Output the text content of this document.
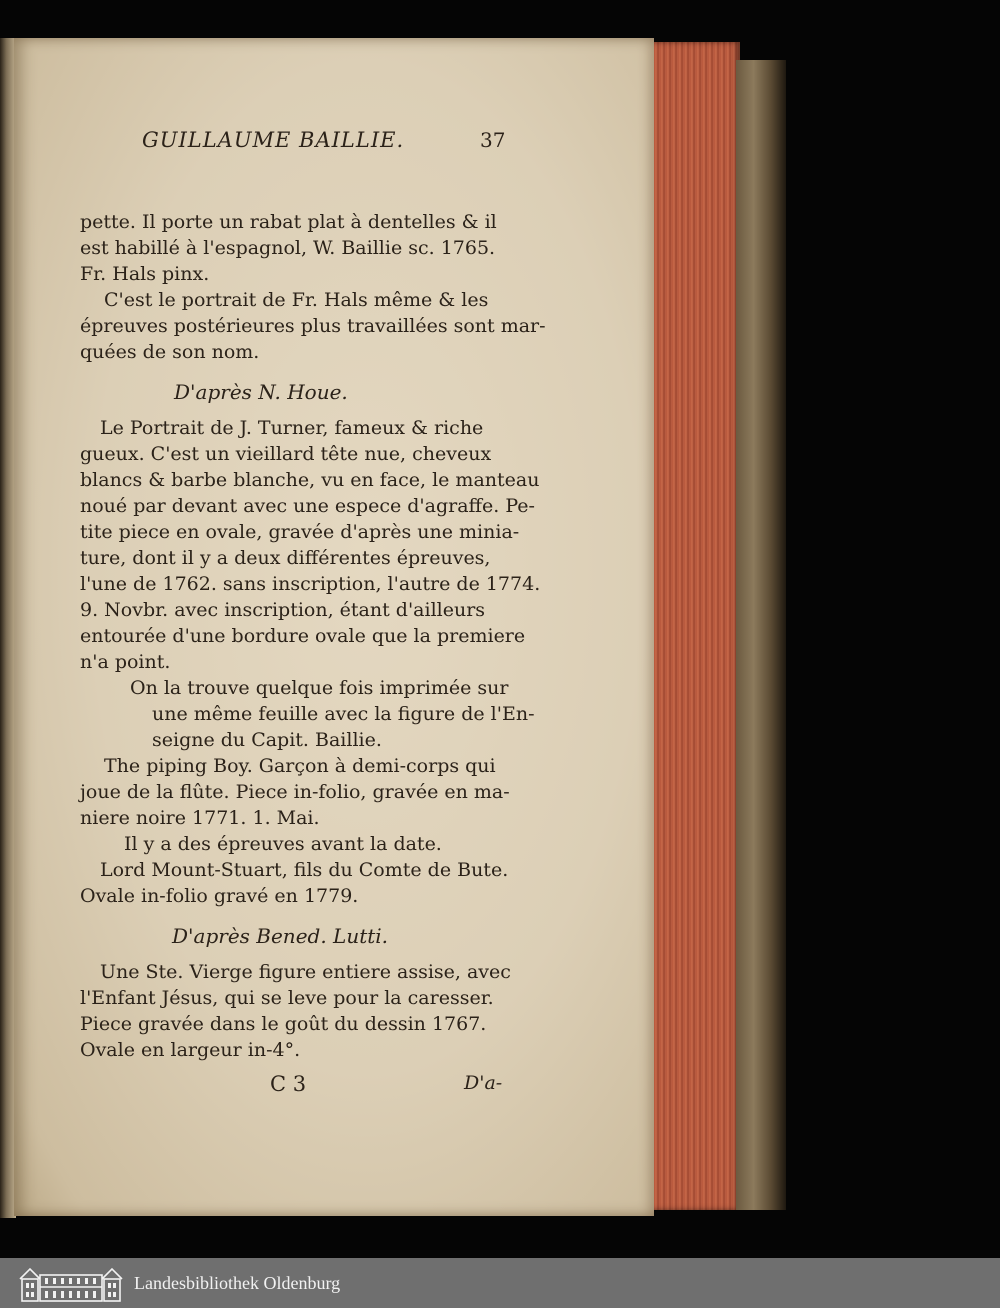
GUILLAUME BAILLIE.	37
pette. Il porte un rabat plat à dentelles & il
est habillé à l'espagnol, W. Baillie sc. 1765.
Fr. Hals pinx.
C'est le portrait de Fr. Hals même & les
épreuves postérieures plus travaillées sont mar-
quées de son nom.
D'après N. Houe.
Le Portrait de J. Turner, fameux & riche
gueux. C'est un vieillard tête nue, cheveux
blancs & barbe blanche, vu en face, le manteau
noué par devant avec une espece d'agraffe. Pe-
tite piece en ovale, gravée d'après une minia-
ture, dont il y a deux différentes épreuves,
l'une de 1762. sans inscription, l'autre de 1774.
9. Novbr. avec inscription, étant d'ailleurs
entourée d'une bordure ovale que la premiere
n'a point.
On la trouve quelque fois imprimée sur
une même feuille avec la figure de l'En-
seigne du Capit. Baillie.
The piping Boy. Garçon à demi-corps qui
joue de la flûte. Piece in-folio, gravée en ma-
niere noire 1771. 1. Mai.
Il y a des épreuves avant la date.
Lord Mount-Stuart, fils du Comte de Bute.
Ovale in-folio gravé en 1779.
D'après Bened. Lutti.
Une Ste. Vierge figure entiere assise, avec
l'Enfant Jésus, qui se leve pour la caresser.
Piece gravée dans le goût du dessin 1767.
Ovale en largeur in-4°.
C 3	D'a-
Landesbibliothek Oldenburg
